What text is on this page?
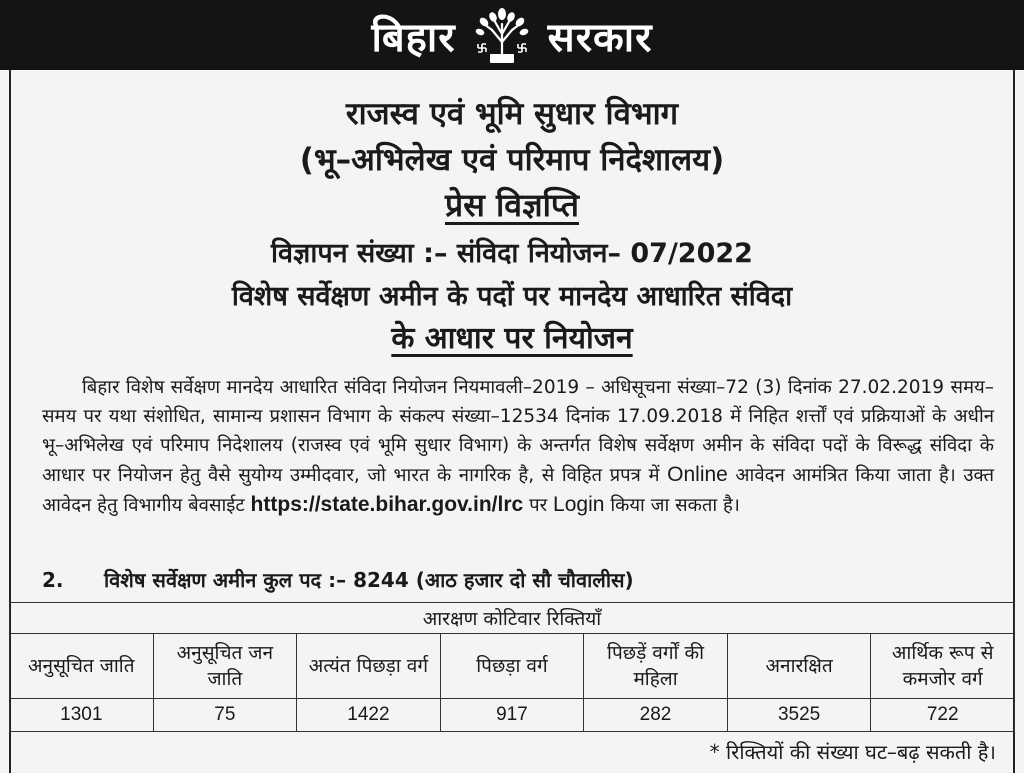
बिहार सरकार
राजस्व एवं भूमि सुधार विभाग
(भू–अभिलेख एवं परिमाप निदेशालय)
प्रेस विज्ञप्ति
विज्ञापन संख्या :– संविदा नियोजन– 07/2022
विशेष सर्वेक्षण अमीन के पदों पर मानदेय आधारित संविदा
के आधार पर नियोजन
बिहार विशेष सर्वेक्षण मानदेय आधारित संविदा नियोजन नियमावली–2019 – अधिसूचना संख्या–72 (3) दिनांक 27.02.2019 समय–समय पर यथा संशोधित, सामान्य प्रशासन विभाग के संकल्प संख्या–12534 दिनांक 17.09.2018 में निहित शर्त्तों एवं प्रक्रियाओं के अधीन भू–अभिलेख एवं परिमाप निदेशालय (राजस्व एवं भूमि सुधार विभाग) के अन्तर्गत विशेष सर्वेक्षण अमीन के संविदा पदों के विरूद्ध संविदा के आधार पर नियोजन हेतु वैसे सुयोग्य उम्मीदवार, जो भारत के नागरिक है, से विहित प्रपत्र में Online आवेदन आमंत्रित किया जाता है। उक्त आवेदन हेतु विभागीय बेवसाईट https://state.bihar.gov.in/lrc पर Login किया जा सकता है।
2. विशेष सर्वेक्षण अमीन कुल पद :– 8244 (आठ हजार दो सौ चौवालीस)
आरक्षण कोटिवार रिक्तियाँ						
अनुसूचित जाति	अनुसूचित जन जाति	अत्यंत पिछड़ा वर्ग	पिछड़ा वर्ग	पिछड़ें वर्गों की महिला	अनारक्षित	आर्थिक रूप से कमजोर वर्ग
1301	75	1422	917	282	3525	722
* रिक्तियों की संख्या घट–बढ़ सकती है।
